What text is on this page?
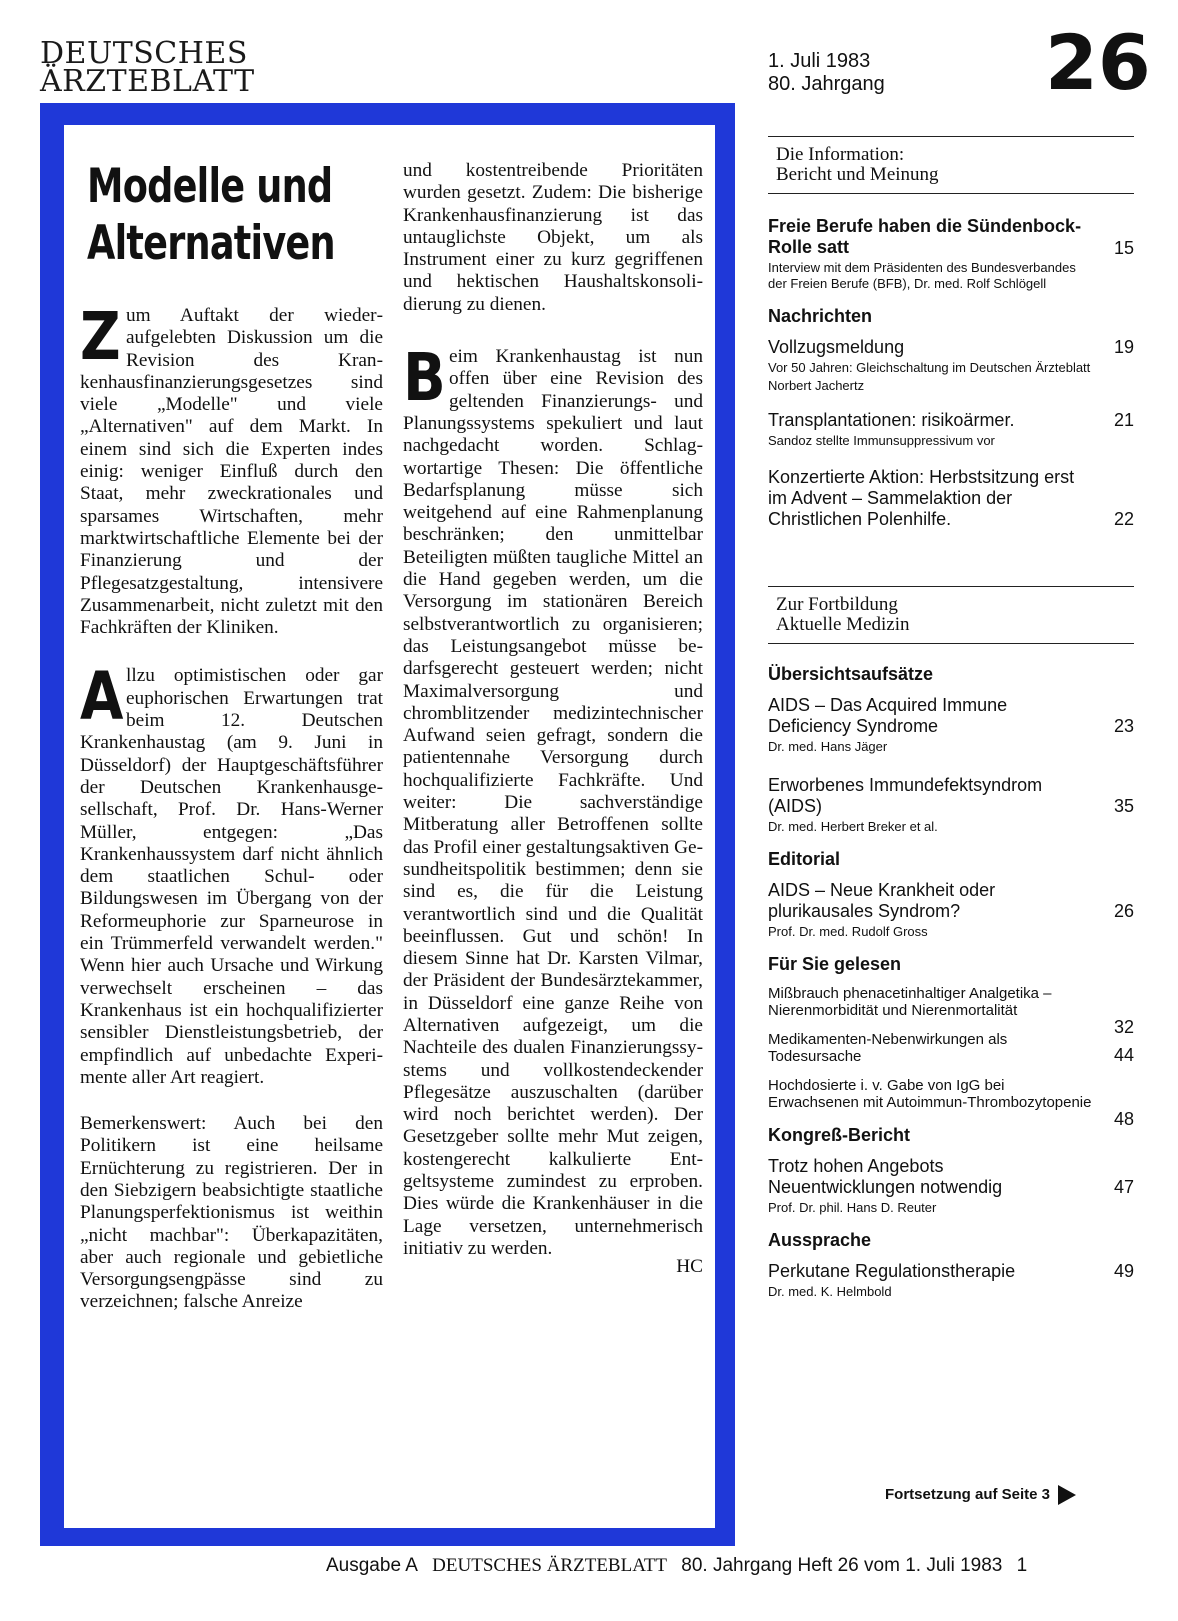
DEUTSCHES
ÄRZTEBLATT
1. Juli 1983
80. Jahrgang 26
Modelle und
Alternativen

Zum Auftakt der wiederaufgelebten Diskussion um die Revision des Krankenhausfinanzierungsgesetzes sind viele „Modelle" und viele „Alternativen" auf dem Markt. In einem sind sich die Experten indes einig: weniger Einfluß durch den Staat, mehr zweckrationales und sparsames Wirtschaften, mehr marktwirtschaftliche Elemente bei der Finanzierung und der Pflegesatzgestaltung, intensivere Zusammenarbeit, nicht zuletzt mit den Fachkräften der Kliniken.

Allzu optimistischen oder gar euphorischen Erwartungen trat beim 12. Deutschen Krankenhaustag (am 9. Juni in Düsseldorf) der Hauptgeschäftsführer der Deutschen Krankenhausgesellschaft, Prof. Dr. Hans-Werner Müller, entgegen: „Das Krankenhaussystem darf nicht ähnlich dem staatlichen Schul- oder Bildungswesen im Übergang von der Reformeuphorie zur Sparneurose in ein Trümmerfeld verwandelt werden." Wenn hier auch Ursache und Wirkung verwechselt erscheinen – das Krankenhaus ist ein hochqualifizierter sensibler Dienstleistungsbetrieb, der empfindlich auf unbedachte Experimente aller Art reagiert.

Bemerkenswert: Auch bei den Politikern ist eine heilsame Ernüchterung zu registrieren. Der in den Siebzigern beabsichtigte staatliche Planungsperfektionismus ist weithin „nicht machbar": Überkapazitäten, aber auch regionale und gebietliche Versorgungsengpässe sind zu verzeichnen; falsche Anreize

und kostentreibende Prioritäten wurden gesetzt. Zudem: Die bisherige Krankenhausfinanzierung ist das untauglichste Objekt, um als Instrument einer zu kurz gegriffenen und hektischen Haushaltskonsolidierung zu dienen.

Beim Krankenhaustag ist nun offen über eine Revision des geltenden Finanzierungs- und Planungssystems spekuliert und laut nachgedacht worden. Schlagwortartige Thesen: Die öffentliche Bedarfsplanung müsse sich weitgehend auf eine Rahmenplanung beschränken; den unmittelbar Beteiligten müßten taugliche Mittel an die Hand gegeben werden, um die Versorgung im stationären Bereich selbstverantwortlich zu organisieren; das Leistungsangebot müsse bedarfsgerecht gesteuert werden; nicht Maximalversorgung und chromblitzender medizintechnischer Aufwand seien gefragt, sondern die patientennahe Versorgung durch hochqualifizierte Fachkräfte. Und weiter: Die sachverständige Mitberatung aller Betroffenen sollte das Profil einer gestaltungsaktiven Gesundheitspolitik bestimmen; denn sie sind es, die für die Leistung verantwortlich sind und die Qualität beeinflussen. Gut und schön! In diesem Sinne hat Dr. Karsten Vilmar, der Präsident der Bundesärztekammer, in Düsseldorf eine ganze Reihe von Alternativen aufgezeigt, um die Nachteile des dualen Finanzierungssystems und vollkostendeckender Pflegesätze auszuschalten (darüber wird noch berichtet werden). Der Gesetzgeber sollte mehr Mut zeigen, kostengerecht kalkulierte Entgeltsysteme zumindest zu erproben. Dies würde die Krankenhäuser in die Lage versetzen, unternehmerisch initiativ zu werden.

HC
Die Information:
Bericht und Meinung
Freie Berufe haben die Sündenbock-Rolle satt	15
Interview mit dem Präsidenten des Bundesverbandes der Freien Berufe (BFB), Dr. med. Rolf Schlögell
Nachrichten
Vollzugsmeldung	19
Vor 50 Jahren: Gleichschaltung im Deutschen Ärzteblatt
Norbert Jachertz
Transplantationen: risikoärmer.	21
Sandoz stellte Immunsuppressivum vor
Konzertierte Aktion: Herbstsitzung erst im Advent – Sammelaktion der Christlichen Polenhilfe.	22
Zur Fortbildung
Aktuelle Medizin
Übersichtsaufsätze
AIDS – Das Acquired Immune Deficiency Syndrome	23
Dr. med. Hans Jäger
Erworbenes Immundefektsyndrom (AIDS)	35
Dr. med. Herbert Breker et al.
Editorial
AIDS – Neue Krankheit oder plurikausales Syndrom?	26
Prof. Dr. med. Rudolf Gross
Für Sie gelesen
Mißbrauch phenacetinhaltiger Analgetika – Nierenmorbidität und Nierenmortalität
32
Medikamenten-Nebenwirkungen als Todesursache	44
Hochdosierte i. v. Gabe von IgG bei Erwachsenen mit Autoimmun-Thrombozytopenie
48
Kongreß-Bericht
Trotz hohen Angebots Neuentwicklungen notwendig	47
Prof. Dr. phil. Hans D. Reuter
Aussprache
Perkutane Regulationstherapie	49
Dr. med. K. Helmbold
Fortsetzung auf Seite 3
Ausgabe A DEUTSCHES ÄRZTEBLATT 80. Jahrgang Heft 26 vom 1. Juli 1983 1
